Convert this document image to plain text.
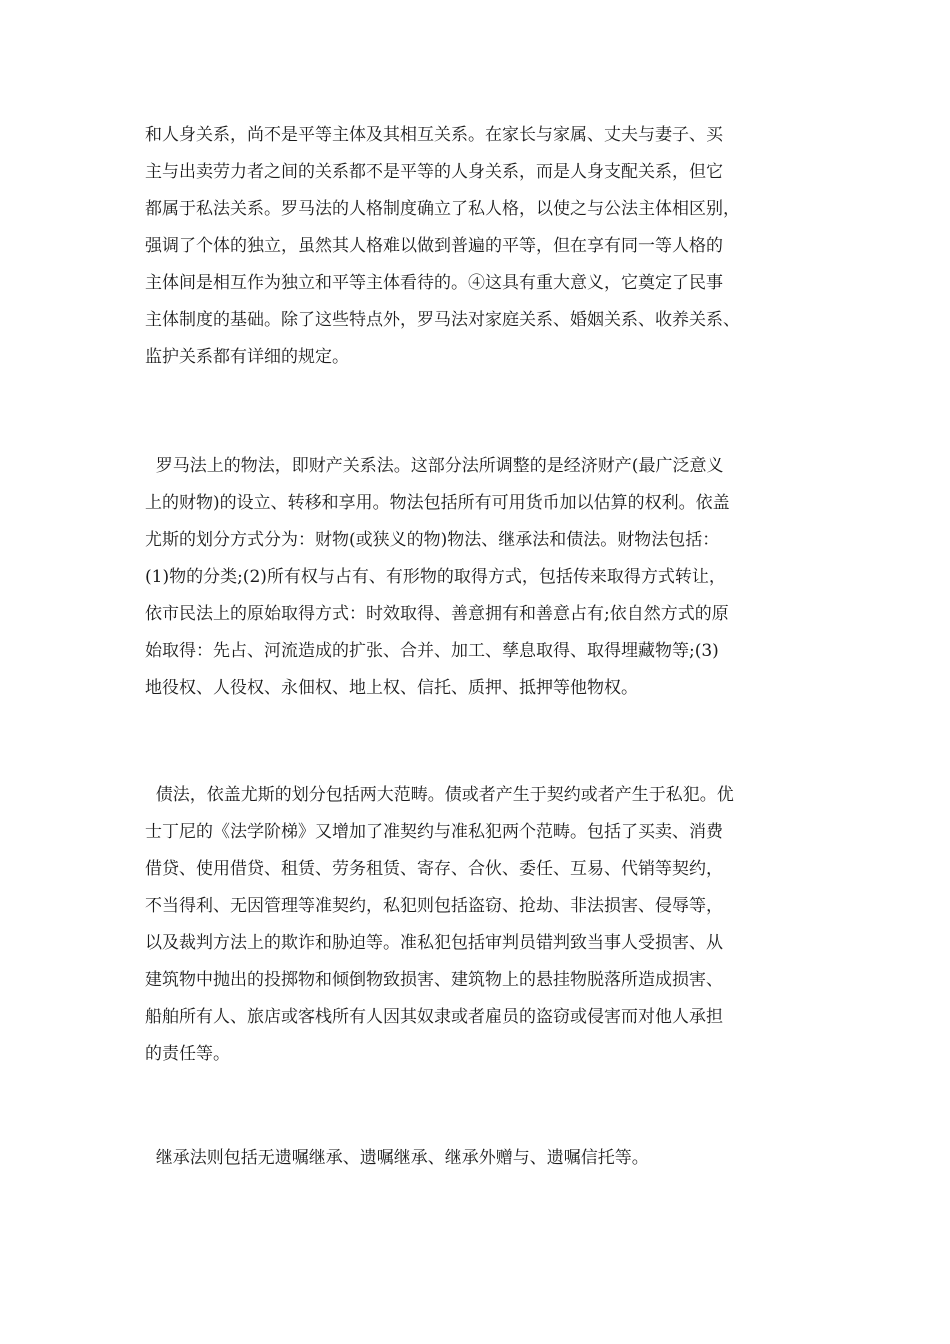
和人身关系，尚不是平等主体及其相互关系。在家长与家属、丈夫与妻子、买
主与出卖劳力者之间的关系都不是平等的人身关系，而是人身支配关系，但它
都属于私法关系。罗马法的人格制度确立了私人格，以使之与公法主体相区别，
强调了个体的独立，虽然其人格难以做到普遍的平等，但在享有同一等人格的
主体间是相互作为独立和平等主体看待的。④这具有重大意义，它奠定了民事
主体制度的基础。除了这些特点外，罗马法对家庭关系、婚姻关系、收养关系、
监护关系都有详细的规定。
罗马法上的物法，即财产关系法。这部分法所调整的是经济财产(最广泛意义
上的财物)的设立、转移和享用。物法包括所有可用货币加以估算的权利。依盖
尤斯的划分方式分为：财物(或狭义的物)物法、继承法和债法。财物法包括：
(1)物的分类;(2)所有权与占有、有形物的取得方式，包括传来取得方式转让，
依市民法上的原始取得方式：时效取得、善意拥有和善意占有;依自然方式的原
始取得：先占、河流造成的扩张、合并、加工、孳息取得、取得埋藏物等;(3)
地役权、人役权、永佃权、地上权、信托、质押、抵押等他物权。
债法，依盖尤斯的划分包括两大范畴。债或者产生于契约或者产生于私犯。优
士丁尼的《法学阶梯》又增加了准契约与准私犯两个范畴。包括了买卖、消费
借贷、使用借贷、租赁、劳务租赁、寄存、合伙、委任、互易、代销等契约，
不当得利、无因管理等准契约，私犯则包括盗窃、抢劫、非法损害、侵辱等，
以及裁判方法上的欺诈和胁迫等。准私犯包括审判员错判致当事人受损害、从
建筑物中抛出的投掷物和倾倒物致损害、建筑物上的悬挂物脱落所造成损害、
船舶所有人、旅店或客栈所有人因其奴隶或者雇员的盗窃或侵害而对他人承担
的责任等。
继承法则包括无遗嘱继承、遗嘱继承、继承外赠与、遗嘱信托等。
